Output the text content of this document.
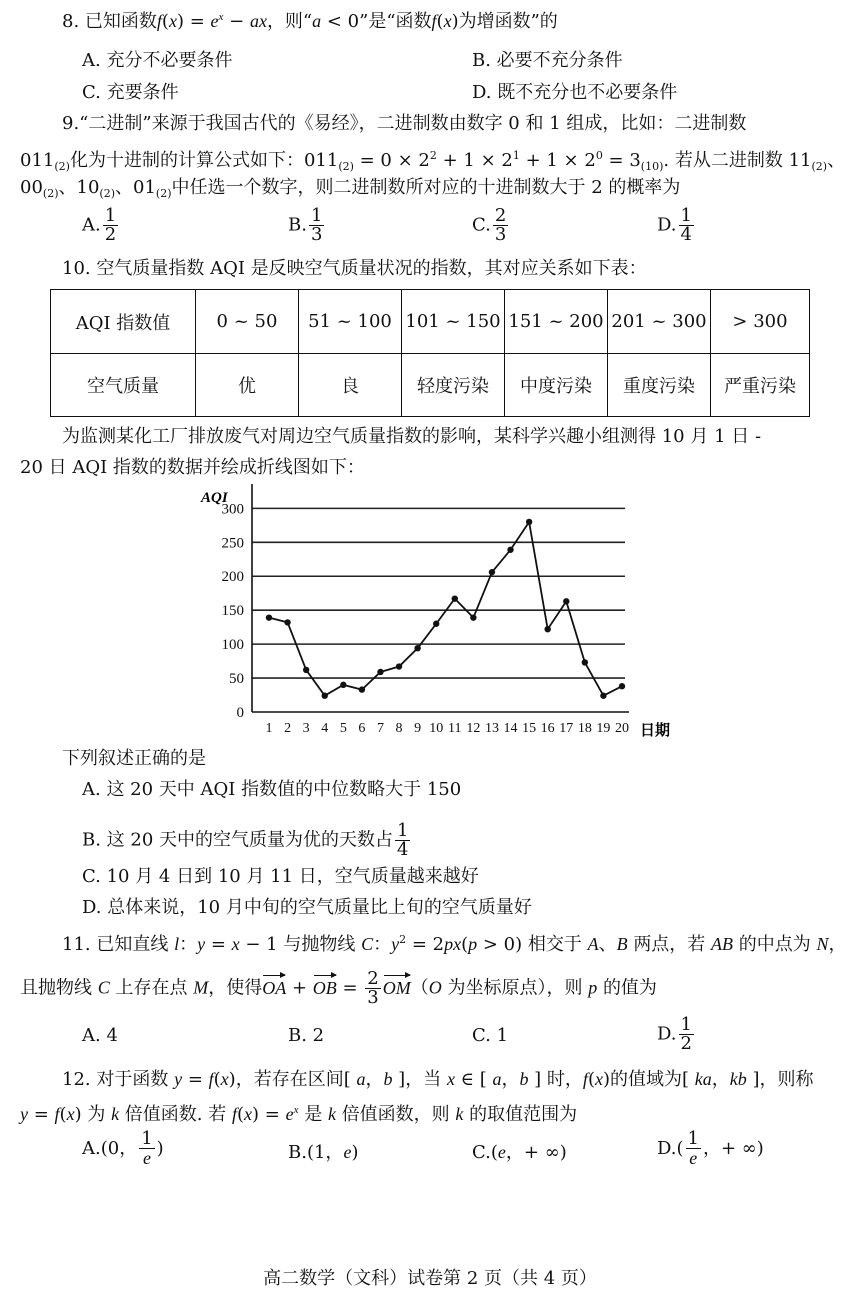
8. 已知函数$f(x) = e^x$ − ax，则“a < 0”是“函数f(x)为增函数”的
A. 充分不必要条件	B. 必要不充分条件
C. 充要条件	D. 既不充分也不必要条件
9.“二进制”来源于我国古代的《易经》，二进制数由数字 0 和 1 组成，比如：二进制数
$011_{(2)}$化为十进制的计算公式如下：$011_{(2)} = 0 \times 2^2 + 1 \times 2^1 + 1 \times 2^0 = 3_{(10)}$. 若从二进制数 $11_{(2)}$、
$00_{(2)}$、$10_{(2)}$、$01_{(2)}$中任选一个数字，则二进制数所对应的十进制数大于 2 的概率为
A. $\frac{1}{2}$	B. $\frac{1}{3}$	C. $\frac{2}{3}$	D. $\frac{1}{4}$
10. 空气质量指数 AQI 是反映空气质量状况的指数，其对应关系如下表：
AQI 指数值	0 ~ 50	51 ~ 100	101 ~ 150	151 ~ 200	201 ~ 300	> 300
空气质量	优	良	轻度污染	中度污染	重度污染	严重污染
为监测某化工厂排放废气对周边空气质量指数的影响，某科学兴趣小组测得 10 月 1 日 -
20 日 AQI 指数的数据并绘成折线图如下：
0
50
100
150
200
250
300
1 2 3 4 5 6 7 8 9 10 11 12 13 14 15 16 17 18 19 20
AQI
日期
下列叙述正确的是
A. 这 20 天中 AQI 指数值的中位数略大于 150
B. 这 20 天中的空气质量为优的天数占 $\frac{1}{4}$
C. 10 月 4 日到 10 月 11 日，空气质量越来越好
D. 总体来说，10 月中旬的空气质量比上旬的空气质量好
11. 已知直线 l：y = x − 1 与抛物线 C：$y^2 = 2px(p > 0)$ 相交于 A、B 两点，若 AB 的中点为 N，
且抛物线 C 上存在点 M，使得OA + OB = $\frac{2}{3} OM(O$ 为坐标原点），则 p 的值为
A. 4	B. 2	C. 1	D. $\frac{1}{2}$
12. 对于函数 y = f(x)，若存在区间[ a，b ]，当 x ∈ [ a，b ] 时，f(x)的值域为[ ka，kb ]，则称
y = f(x) 为 k 倍值函数. 若 $f(x) = e^x$ 是 k 倍值函数，则 k 的取值范围为
A.(0， $\frac{1}{e}$ )	B.(1，e)	C.(e，+ ∞)	$D.( \frac{1}{e}$ ，+ ∞)
高二数学（文科）试卷第 2 页（共 4 页）
